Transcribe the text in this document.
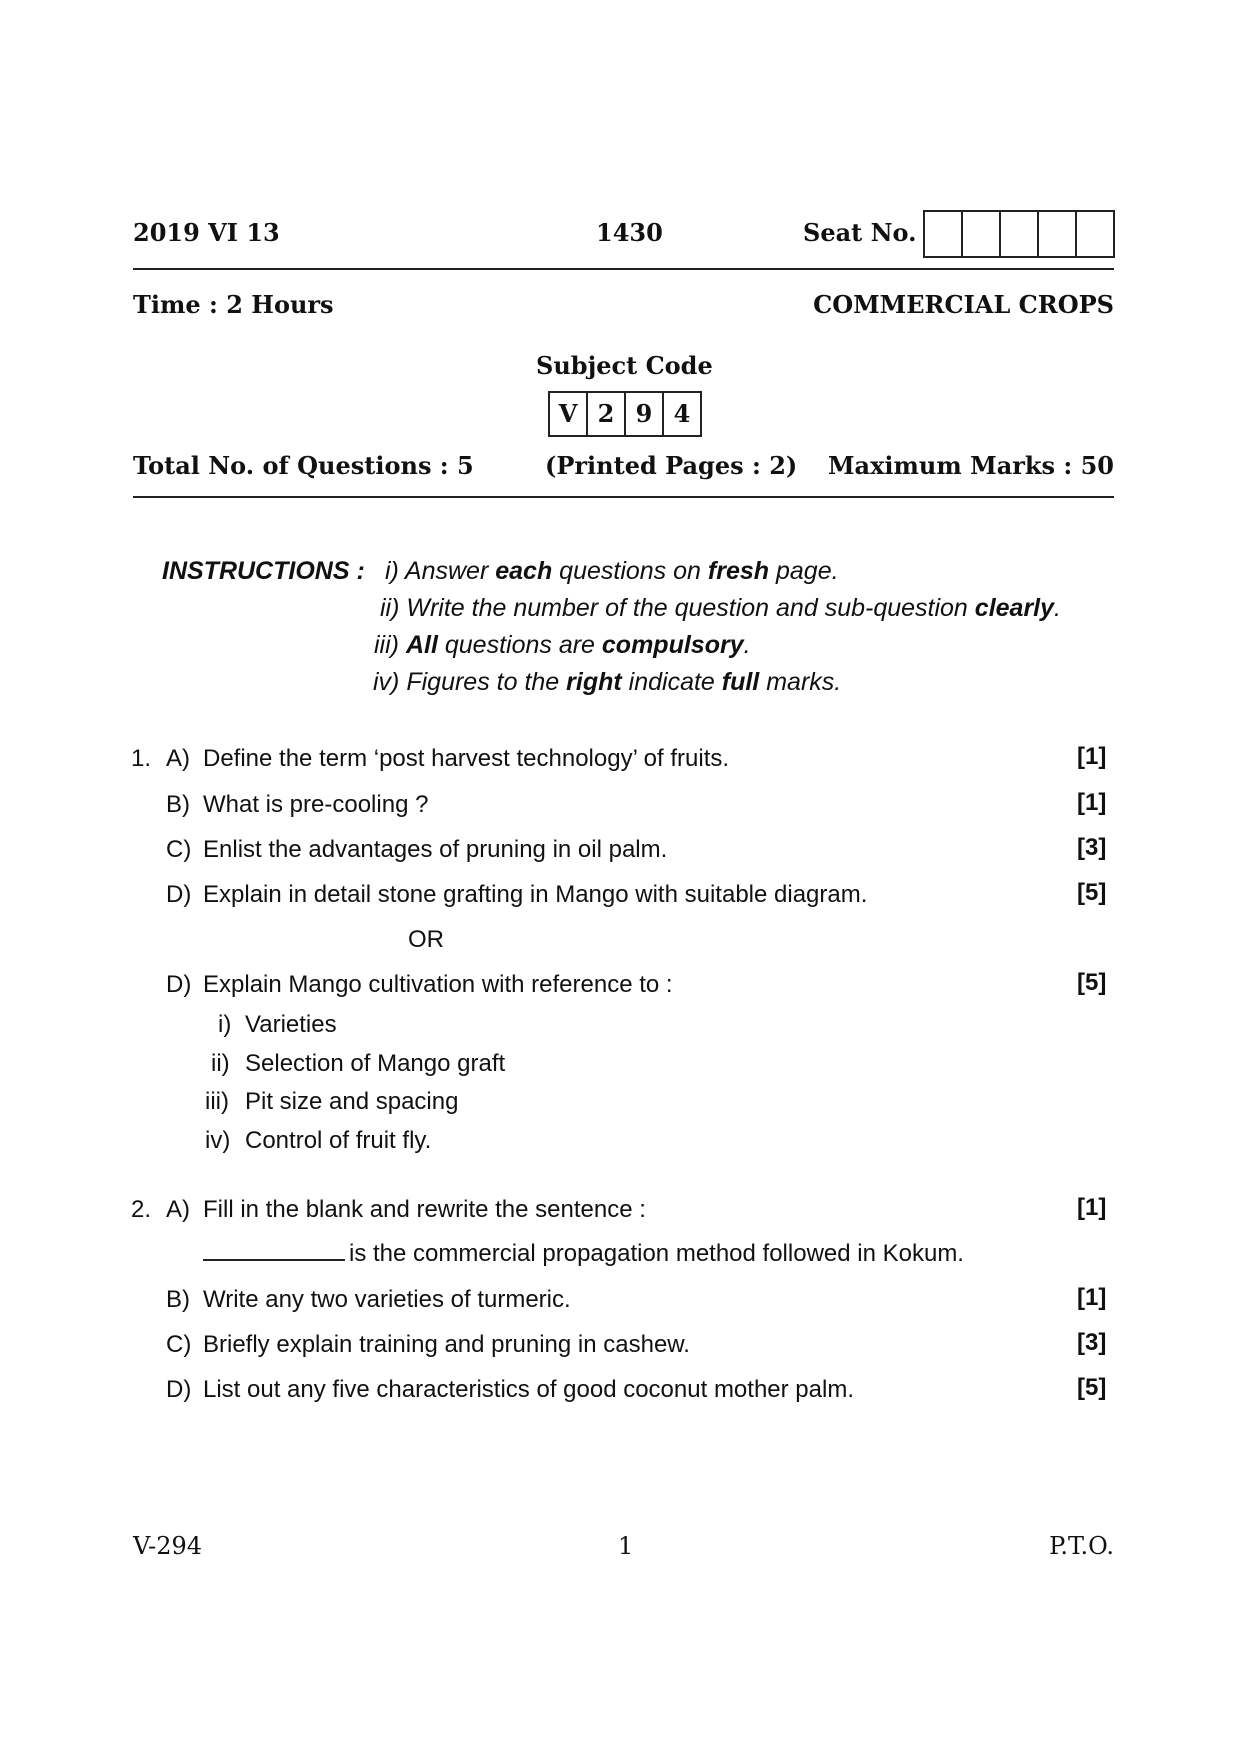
2019 VI 13	1430	Seat No.
Time : 2 Hours	COMMERCIAL CROPS
Subject Code
V 2 9 4
Total No. of Questions : 5	(Printed Pages : 2) Maximum Marks : 50
INSTRUCTIONS : i) Answer each questions on fresh page.
ii) Write the number of the question and sub-question clearly.
iii) All questions are compulsory.
iv) Figures to the right indicate full marks.
1. A) Define the term ‘post harvest technology’ of fruits.	[1]
B) What is pre-cooling ?	[1]
C) Enlist the advantages of pruning in oil palm.	[3]
D) Explain in detail stone grafting in Mango with suitable diagram.	[5]
OR
D) Explain Mango cultivation with reference to :	[5]
i) Varieties
ii) Selection of Mango graft
iii) Pit size and spacing
iv) Control of fruit fly.
2. A) Fill in the blank and rewrite the sentence :	[1]
is the commercial propagation method followed in Kokum.
B) Write any two varieties of turmeric.	[1]
C) Briefly explain training and pruning in cashew.	[3]
D) List out any five characteristics of good coconut mother palm.	[5]
V-294	1	P.T.O.
